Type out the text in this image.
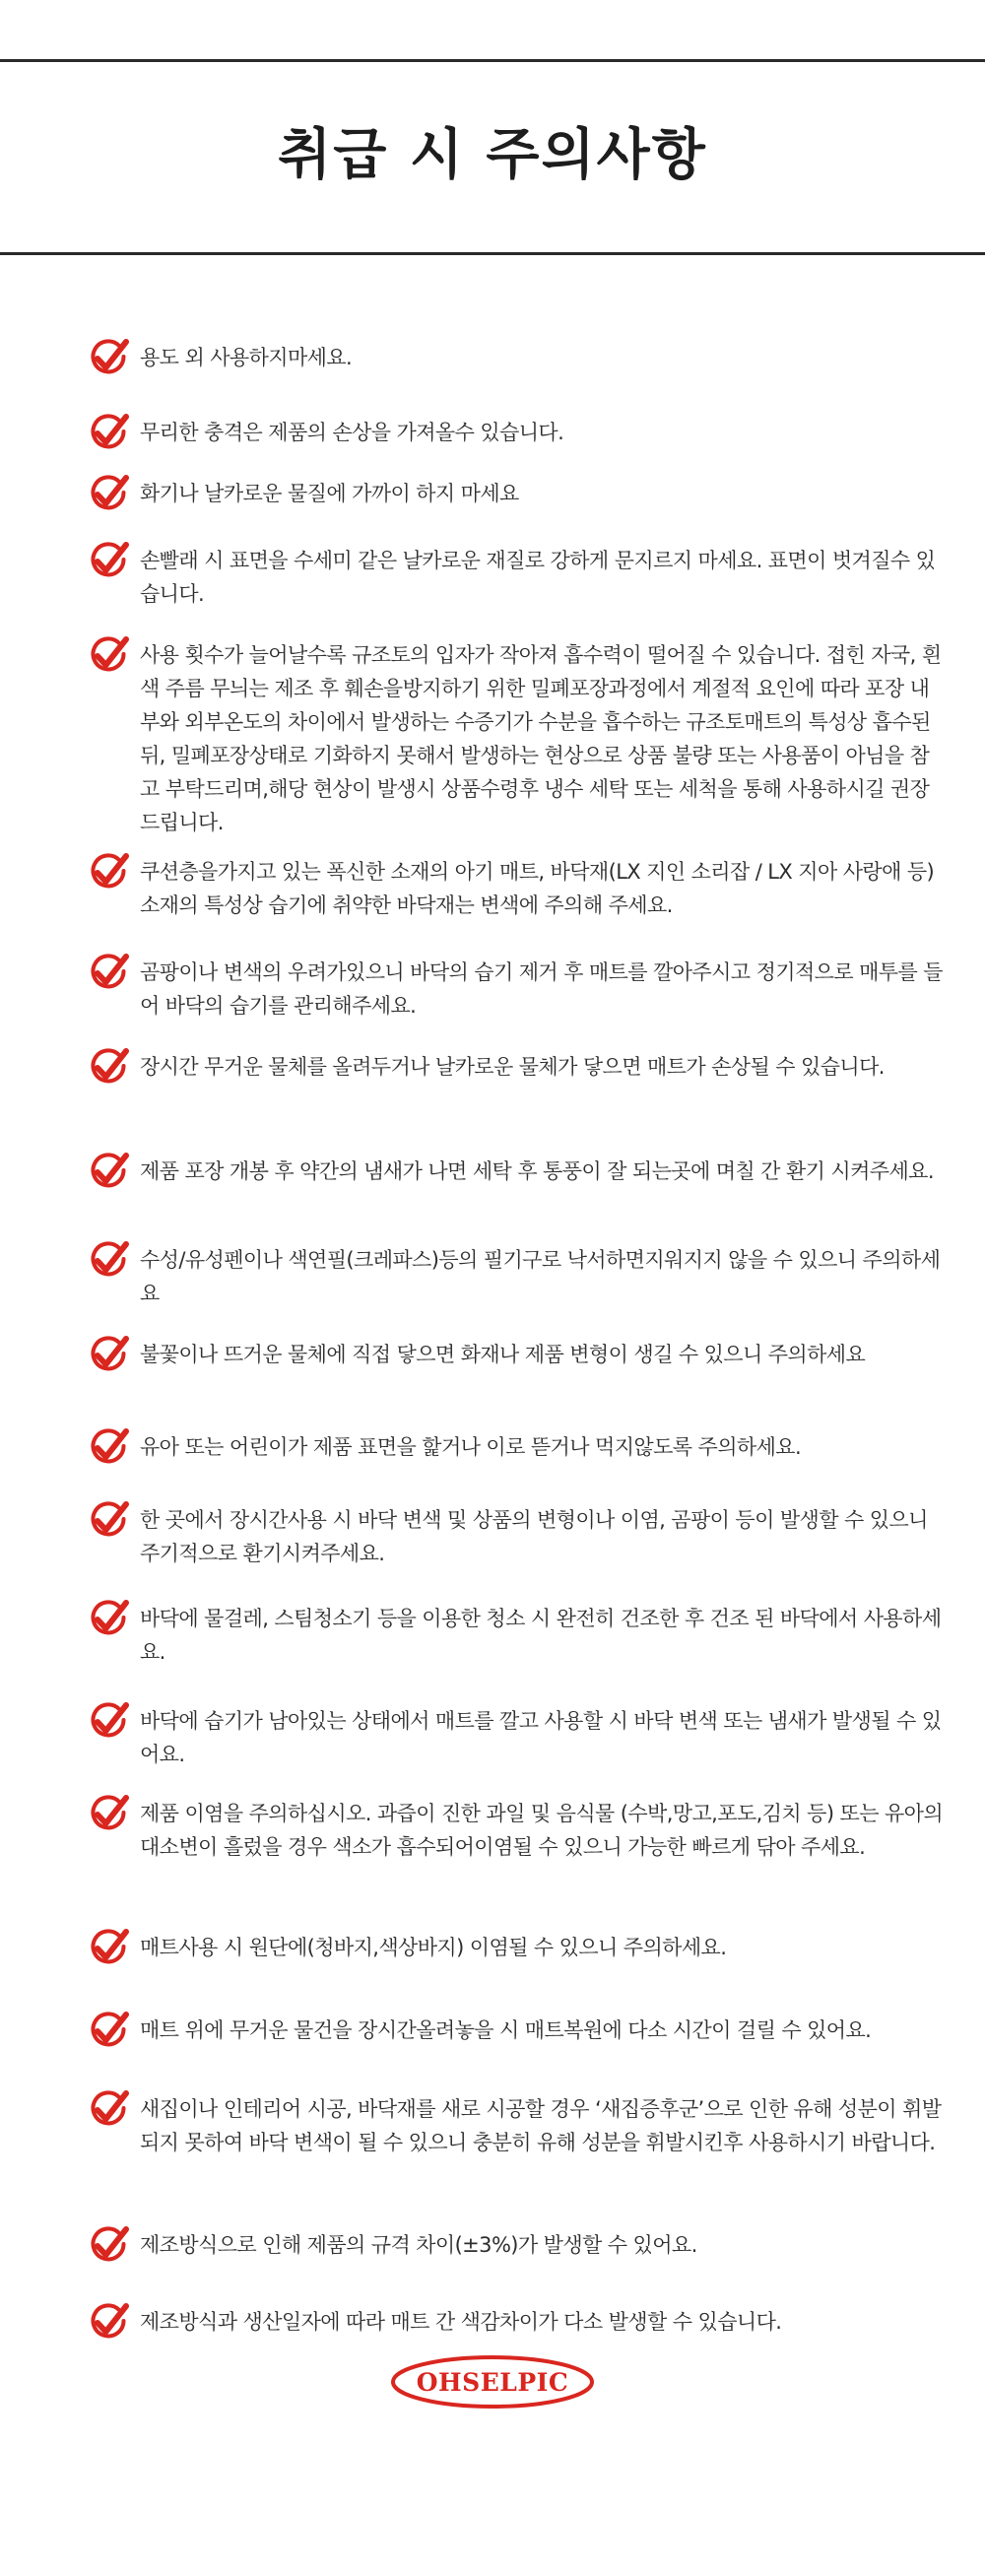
취급 시 주의사항
용도 외 사용하지마세요.
무리한 충격은 제품의 손상을 가져올수 있습니다.
화기나 날카로운 물질에 가까이 하지 마세요
손빨래 시 표면을 수세미 같은 날카로운 재질로 강하게 문지르지 마세요. 표면이 벗겨질수 있습니다.
사용 횟수가 늘어날수록 규조토의 입자가 작아져 흡수력이 떨어질 수 있습니다. 접힌 자국, 흰색 주름 무늬는 제조 후 훼손을방지하기 위한 밀폐포장과정에서 계절적 요인에 따라 포장 내부와 외부온도의 차이에서 발생하는 수증기가 수분을 흡수하는 규조토매트의 특성상 흡수된 뒤, 밀폐포장상태로 기화하지 못해서 발생하는 현상으로 상품 불량 또는 사용품이 아님을 참고 부탁드리며,해당 현상이 발생시 상품수령후 냉수 세탁 또는 세척을 통해 사용하시길 권장드립니다.
쿠션층을가지고 있는 폭신한 소재의 아기 매트, 바닥재(LX 지인 소리잡 / LX 지아 사랑애 등) 소재의 특성상 습기에 취약한 바닥재는 변색에 주의해 주세요.
곰팡이나 변색의 우려가있으니 바닥의 습기 제거 후 매트를 깔아주시고 정기적으로 매투를 들어 바닥의 습기를 관리해주세요.
장시간 무거운 물체를 올려두거나 날카로운 물체가 닿으면 매트가 손상될 수 있습니다.
제품 포장 개봉 후 약간의 냄새가 나면 세탁 후 통풍이 잘 되는곳에 며칠 간 환기 시켜주세요.
수성/유성펜이나 색연필(크레파스)등의 필기구로 낙서하면지워지지 않을 수 있으니 주의하세요
불꽃이나 뜨거운 물체에 직접 닿으면 화재나 제품 변형이 생길 수 있으니 주의하세요
유아 또는 어린이가 제품 표면을 핥거나 이로 뜯거나 먹지않도록 주의하세요.
한 곳에서 장시간사용 시 바닥 변색 및 상품의 변형이나 이염, 곰팡이 등이 발생할 수 있으니 주기적으로 환기시켜주세요.
바닥에 물걸레, 스팀청소기 등을 이용한 청소 시 완전히 건조한 후 건조 된 바닥에서 사용하세요.
바닥에 습기가 남아있는 상태에서 매트를 깔고 사용할 시 바닥 변색 또는 냄새가 발생될 수 있어요.
제품 이염을 주의하십시오. 과즙이 진한 과일 및 음식물 (수박,망고,포도,김치 등) 또는 유아의 대소변이 흘렀을 경우 색소가 흡수되어이염될 수 있으니 가능한 빠르게 닦아 주세요.
매트사용 시 원단에(청바지,색상바지) 이염될 수 있으니 주의하세요.
매트 위에 무거운 물건을 장시간올려놓을 시 매트복원에 다소 시간이 걸릴 수 있어요.
새집이나 인테리어 시공, 바닥재를 새로 시공할 경우 ‘새집증후군’으로 인한 유해 성분이 휘발되지 못하여 바닥 변색이 될 수 있으니 충분히 유해 성분을 휘발시킨후 사용하시기 바랍니다.
제조방식으로 인해 제품의 규격 차이(±3%)가 발생할 수 있어요.
제조방식과 생산일자에 따라 매트 간 색감차이가 다소 발생할 수 있습니다.
OHSELPIC
